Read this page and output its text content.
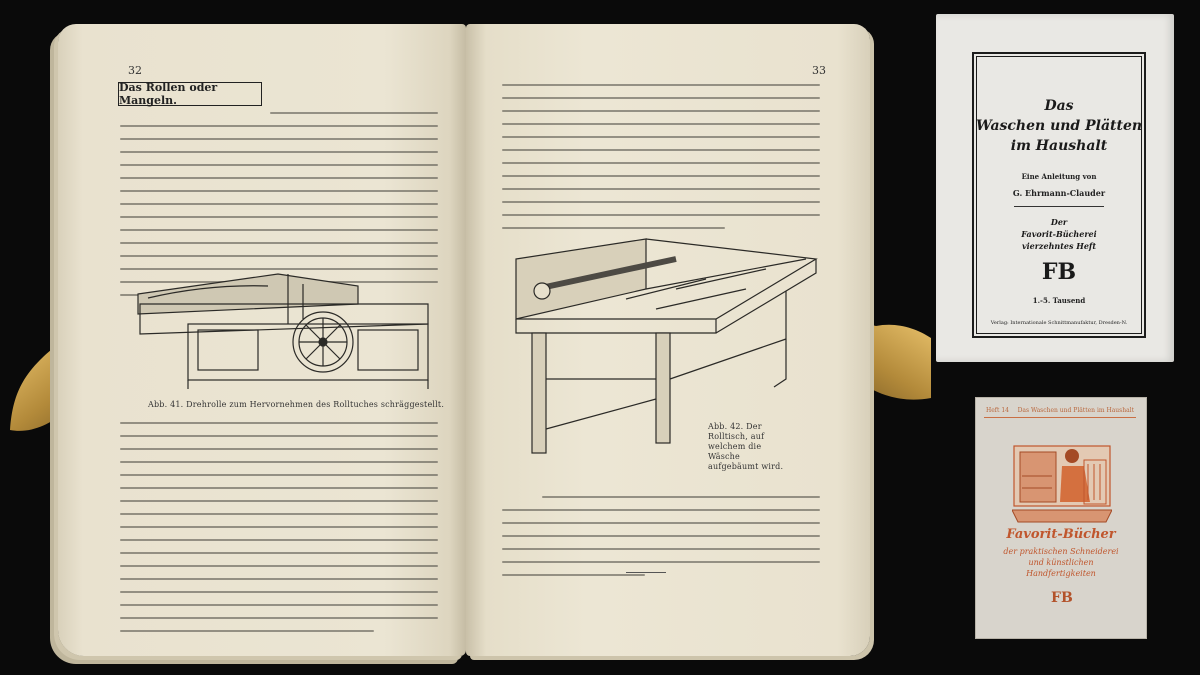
32
Das Rollen oder Mangeln.
Abb. 41. Drehrolle zum Hervornehmen des Rolltuches schräggestellt.
33
Abb. 42. Der Rolltisch, auf welchem die Wäsche aufgebäumt wird.
Das
Waschen und Plätten
im Haushalt
Eine Anleitung von
G. Ehrmann-Clauder
Der
Favorit-Bücherei
vierzehntes Heft
FB
1.-5. Tausend
Verlag: Internationale Schnittmanufaktur, Dresden-N.
Heft 14 Das Waschen und Plätten im Haushalt
Favorit-Bücher
der praktischen Schneiderei
und künstlichen
Handfertigkeiten
FB
